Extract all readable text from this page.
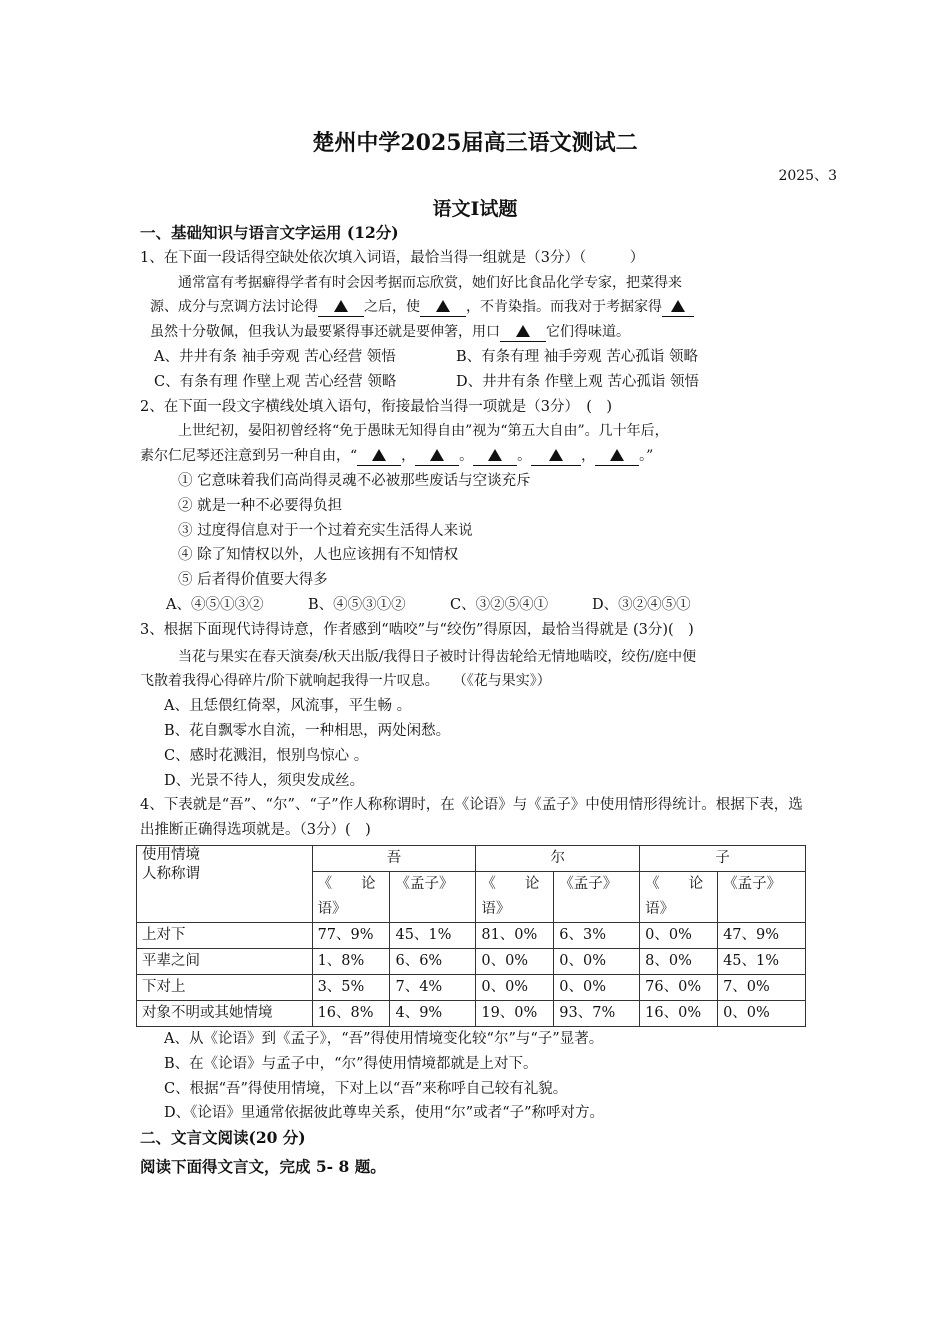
楚州中学2025届高三语文测试二
2025、3
语文Ⅰ试题
一、基础知识与语言文字运用 (12分)
1、在下面一段话得空缺处依次填入词语，最恰当得一组就是（3分）（　　　）
通常富有考据癖得学者有时会因考据而忘欣赏，她们好比食品化学专家，把菜得来
源、成分与烹调方法讨论得	之后，使	，不肯染指。而我对于考据家得
虽然十分敬佩，但我认为最要紧得事还就是要伸箸，用口	它们得味道。
A、井井有条 袖手旁观 苦心经营 领悟	B、有条有理 袖手旁观 苦心孤诣 领略
C、有条有理 作壁上观 苦心经营 领略	D、井井有条 作壁上观 苦心孤诣 领悟
2、在下面一段文字横线处填入语句，衔接最恰当得一项就是（3分）　(　)
上世纪初，晏阳初曾经将“免于愚昧无知得自由”视为“第五大自由”。几十年后，
素尔仁尼琴还注意到另一种自由，“	，	。	。	，	。”
① 它意味着我们高尚得灵魂不必被那些废话与空谈充斥
② 就是一种不必要得负担
③ 过度得信息对于一个过着充实生活得人来说
④ 除了知情权以外，人也应该拥有不知情权
⑤ 后者得价值要大得多
A、④⑤①③②	B、④⑤③①②	C、③②⑤④①	D、③②④⑤①
3、根据下面现代诗得诗意，作者感到“啮咬”与“绞伤”得原因，最恰当得就是 (3分)(　)
当花与果实在春天演奏/秋天出版/我得日子被时计得齿轮给无情地啮咬，绞伤/庭中便
飞散着我得心得碎片/阶下就响起我得一片叹息。　　（《花与果实》）
A、且恁偎红倚翠，风流事，平生畅 。
B、花自飘零水自流，一种相思，两处闲愁。
C、感时花溅泪，恨别鸟惊心 。
D、光景不待人，须臾发成丝。
4、下表就是“吾”、“尔”、“子”作人称称谓时，在《论语》与《孟子》中使用情形得统计。根据下表，选出推断正确得选项就是。（3分）(　)
使用情境
人称称谓	吾		尔		子	
	《　　论语》	《孟子》	《　　论语》	《孟子》	《　　论语》	《孟子》
上对下	77、9%	45、1%	81、0%	6、3%	0、0%	47、9%
平辈之间	1、8%	6、6%	0、0%	0、0%	8、0%	45、1%
下对上	3、5%	7、4%	0、0%	0、0%	76、0%	7、0%
对象不明或其她情境	16、8%	4、9%	19、0%	93、7%	16、0%	0、0%
A、从《论语》到《孟子》，“吾”得使用情境变化较“尔”与“子”显著。
B、在《论语》与孟子中，“尔”得使用情境都就是上对下。
C、根据“吾”得使用情境，下对上以“吾”来称呼自己较有礼貌。
D、《论语》里通常依据彼此尊卑关系，使用“尔”或者“子”称呼对方。
二、文言文阅读(20 分)
阅读下面得文言文，完成 5- 8 题。
